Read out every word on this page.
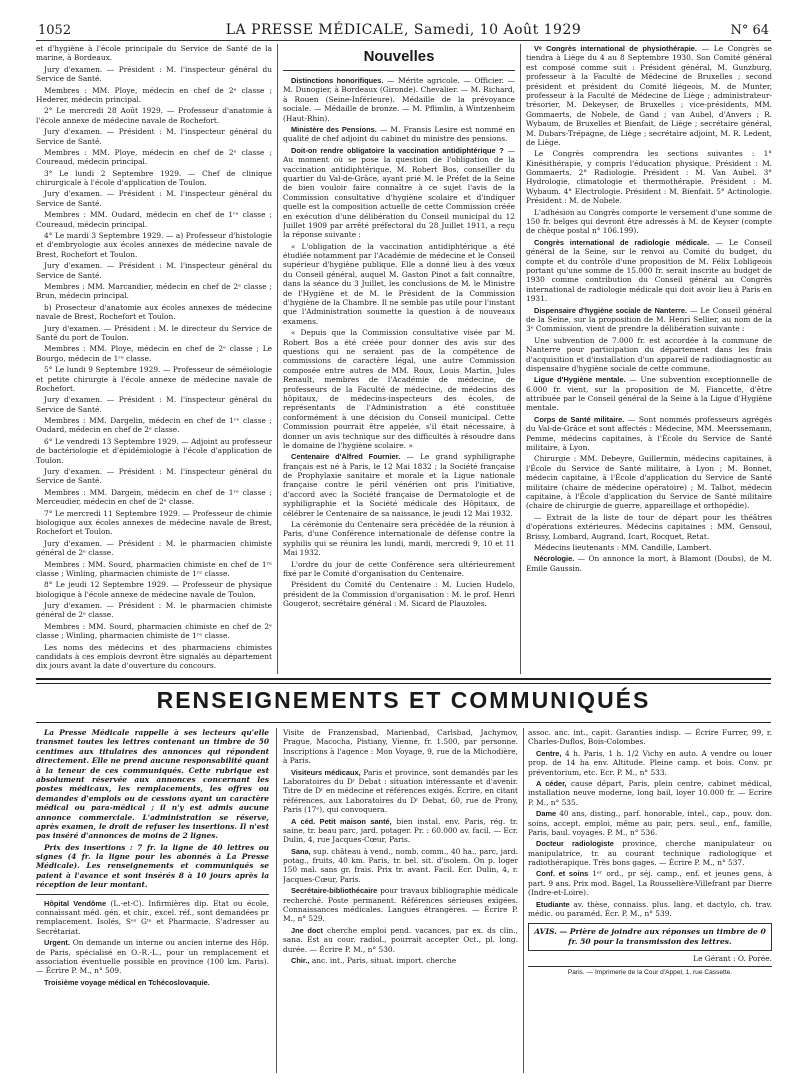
1052	LA PRESSE MÉDICALE, Samedi, 10 Août 1929	N° 64

et d'hygiène à l'école principale du Service de Santé de la marine, à Bordeaux.

Jury d'examen. — Président : M. l'inspecteur général du Service de Santé.

Membres : MM. Ploye, médecin en chef de 2ᵉ classe ; Hederer, médecin principal.

2° Le mercredi 28 Août 1929. — Professeur d'anatomie à l'école annexe de médecine navale de Rochefort.

Jury d'examen. — Président : M. l'inspecteur général du Service de Santé.

Membres : MM. Ploye, médecin en chef de 2ᵉ classe ; Coureaud, médecin principal.

3° Le lundi 2 Septembre 1929. — Chef de clinique chirurgicale à l'école d'application de Toulon.

Jury d'examen. — Président : M. l'inspecteur général du Service de Santé.

Membres : MM. Oudard, médecin en chef de 1ʳᵉ classe ; Coureaud, médecin principal.

4° Le mardi 3 Septembre 1929. — a) Professeur d'histologie et d'embryologie aux écoles annexes de médecine navale de Brest, Rochefort et Toulon.

Jury d'examen. — Président : M. l'inspecteur général du Service de Santé.

Membres : MM. Marcandier, médecin en chef de 2ᵉ classe ; Brun, médecin principal.

b) Prosecteur d'anatomie aux écoles annexes de médecine navale de Brest, Rochefort et Toulon.

Jury d'examen. — Président : M. le directeur du Service de Santé du port de Toulon.

Membres : MM. Ploye, médecin en chef de 2ᵉ classe ; Le Bourgo, médecin de 1ʳᵉ classe.

5° Le lundi 9 Septembre 1929. — Professeur de séméiologie et petite chirurgie à l'école annexe de médecine navale de Rochefort.

Jury d'examen. — Président : M. l'inspecteur général du Service de Santé.

Membres : MM. Dargelin, médecin en chef de 1ʳᵉ classe ; Oudard, médecin en chef de 2ᵉ classe.

6° Le vendredi 13 Septembre 1929. — Adjoint au professeur de bactériologie et d'épidémiologie à l'école d'application de Toulon.

Jury d'examen. — Président : M. l'inspecteur général du Service de Santé.

Membres : MM. Dargein, médecin en chef de 1ʳᵉ classe ; Merceudier, médecin en chef de 2ᵉ classe.

7° Le mercredi 11 Septembre 1929. — Professeur de chimie biologique aux écoles annexes de médecine navale de Brest, Rochefort et Toulon.

Jury d'examen. — Président : M. le pharmacien chimiste général de 2ᵉ classe.

Membres : MM. Sourd, pharmacien chimiste en chef de 1ʳᵉ classe ; Winling, pharmacien chimiste de 1ʳᵉ classe.

8° Le jeudi 12 Septembre 1929. — Professeur de physique biologique à l'école annexe de médecine navale de Toulon.

Jury d'examen. — Président : M. le pharmacien chimiste général de 2ᵉ classe.

Membres : MM. Sourd, pharmacien chimiste en chef de 2ᵉ classe ; Winling, pharmacien chimiste de 1ʳᵉ classe.

Les noms des médecins et des pharmaciens chimistes candidats à ces emplois devront être signalés au département dix jours avant la date d'ouverture du concours.

Nouvelles

Distinctions honorifiques. — Mérite agricole. — Officier. — M. Dunogier, à Bordeaux (Gironde). Chevalier. — M. Richard, à Rouen (Seine-Inférieure). Médaille de la prévoyance sociale. — Médaille de bronze. — M. Pflimlin, à Wintzenheim (Haut-Rhin).

Ministère des Pensions. — M. Fransis Lesire est nommé en qualité de chef adjoint du cabinet du ministre des pensions.

Doit-on rendre obligatoire la vaccination antidiphtérique ? — Au moment où se pose la question de l'obligation de la vaccination antidiphtérique, M. Robert Bos, conseiller du quartier du Val-de-Grâce, ayant prié M. le Préfet de la Seine de bien vouloir faire connaître à ce sujet l'avis de la Commission consultative d'hygiène scolaire et d'indiquer quelle est la composition actuelle de cette Commission créée en exécution d'une délibération du Conseil municipal du 12 Juillet 1909 par arrêté préfectoral du 28 Juillet 1911, a reçu la réponse suivante :

« L'obligation de la vaccination antidiphtérique a été étudiée notamment par l'Académie de médecine et le Conseil supérieur d'hygiène publique. Elle a donné lieu à des vœux du Conseil général, auquel M. Gaston Pinot a fait connaître, dans la séance du 3 Juillet, les conclusions de M. le Ministre de l'Hygiène et de M. le Président de la Commission d'hygiène de la Chambre. Il ne semble pas utile pour l'instant que l'Administration soumette la question à de nouveaux examens.

« Depuis que la Commission consultative visée par M. Robert Bos a été créée pour donner des avis sur des questions qui ne seraient pas de la compétence de commissions de caractère légal, une autre Commission composée entre autres de MM. Roux, Louis Martin, Jules Renault, membres de l'Académie de médecine, de professeurs de la Faculté de médecine, de médecins des hôpitaux, de médecins-inspecteurs des écoles, de représentants de l'Administration a été constituée conformément à une décision du Conseil municipal. Cette Commission pourrait être appelée, s'il était nécessaire, à donner un avis technique sur des difficultés à résoudre dans le domaine de l'hygiène scolaire. »

Centenaire d'Alfred Fournier. — Le grand syphiligraphe français est né à Paris, le 12 Mai 1832 ; la Société française de Prophylaxie sanitaire et morale et la Ligue nationale française contre le péril vénérien ont pris l'initiative, d'accord avec la Société française de Dermatologie et de syphiligraphie et la Société médicale des Hôpitaux, de célébrer le Centenaire de sa naissance, le jeudi 12 Mai 1932.

La cérémonie du Centenaire sera précédée de la réunion à Paris, d'une Conférence internationale de défense contre la syphilis qui se réunira les lundi, mardi, mercredi 9, 10 et 11 Mai 1932.

L'ordre du jour de cette Conférence sera ultérieurement fixé par le Comité d'organisation du Centenaire.

Président du Comité du Centenaire : M. Lucien Hudelo, président de la Commission d'organisation : M. le prof. Henri Gougerot, secrétaire général : M. Sicard de Plauzoles.

Vᵉ Congrès international de physiothérapie. — Le Congrès se tiendra à Liège du 4 au 8 Septembre 1930. Son Comité général est composé comme suit : Président général, M. Gunzburg, professeur à la Faculté de Médecine de Bruxelles ; second président et président du Comité liégeois, M. de Munter, professeur à la Faculté de Médecine de Liège ; administrateur-trésorier, M. Dekeyser, de Bruxelles ; vice-présidents, MM. Gommaerts, de Nobele, de Gand ; van Aubel, d'Anvers ; R. Wybaum, de Bruxelles et Bienfait, de Liège ; secrétaire général, M. Dubars-Trépagne, de Liège ; secrétaire adjoint, M. R. Ledent, de Liège.

Le Congrès comprendra les sections suivantes : 1° Kinésithérapie, y compris l'éducation physique. Président : M. Gommaerts. 2° Radiologie. Président : M. Van Aubel. 3° Hydrologie, climatologie et thermothérapie. Président : M. Wybaum. 4° Electrologie. Président : M. Bienfait. 5° Actinologie. Président : M. de Nobele.

L'adhésion au Congrès comporte le versement d'une somme de 150 fr. belges qui devront être adressés à M. de Keyser (compte de chèque postal n° 106.199).

Congrès international de radiologie médicale. — Le Conseil général de la Seine, sur le renvoi au Comité du budget, du compte et du contrôle d'une proposition de M. Félix Lobligeois portant qu'une somme de 15.000 fr. serait inscrite au budget de 1930 comme contribution du Conseil général au Congrès international de radiologie médicale qui doit avoir lieu à Paris en 1931.

Dispensaire d'hygiène sociale de Nanterre. — Le Conseil général de la Seine, sur la proposition de M. Henri Sellier, au nom de la 3ᵉ Commission, vient de prendre la délibération suivante :

Une subvention de 7.000 fr. est accordée à la commune de Nanterre pour participation du département dans les frais d'acquisition et d'installation d'un appareil de radiodiagnostic au dispensaire d'hygiène sociale de cette commune.

Ligue d'Hygiène mentale. — Une subvention exceptionnelle de 6.000 fr. vient, sur la proposition de M. Fiancette, d'être attribuée par le Conseil général de la Seine à la Ligue d'Hygiène mentale.

Corps de Santé militaire. — Sont nommés professeurs agrégés du Val-de-Grâce et sont affectés : Médecine, MM. Meerssemann, Pemme, médecins capitaines, à l'École du Service de Santé militaire, à Lyon.

Chirurgie : MM. Debeyre, Guillermin, médecins capitaines, à l'École du Service de Santé militaire, à Lyon ; M. Bonnet, médecin capitaine, à l'École d'application du Service de Santé militaire (chaire de médecine opératoire) ; M. Talbot, médecin capitaine, à l'École d'application du Service de Santé militaire (chaire de chirurgie de guerre, appareillage et orthopédie).

— Extrait de la liste de tour de départ pour les théâtres d'opérations extérieures. Médecins capitaines : MM. Gensoul, Brissy, Lombard, Augrand, Icart, Rocquet, Retat.

Médecins lieutenants : MM. Candille, Lambert.

Nécrologie. — On annonce la mort, à Blamont (Doubs), de M. Emile Gaussin.

RENSEIGNEMENTS ET COMMUNIQUÉS

La Presse Médicale rappelle à ses lecteurs qu'elle transmet toutes les lettres contenant un timbre de 50 centimes aux titulaires des annonces qui répondent directement. Elle ne prend aucune responsabilité quant à la teneur de ces communiqués. Cette rubrique est absolument réservée aux annonces concernant les postes médicaux, les remplacements, les offres ou demandes d'emplois ou de cessions ayant un caractère médical ou para-médical ; il n'y est admis aucune annonce commerciale. L'administration se réserve, après examen, le droit de refuser les insertions. Il n'est pas inséré d'annonces de moins de 2 lignes.

Prix des insertions : 7 fr. la ligne de 40 lettres ou signes (4 fr. la ligne pour les abonnés à La Presse Médicale). Les renseignements et communiqués se paient à l'avance et sont insérés 8 à 10 jours après la réception de leur montant.

Hôpital Vendôme (L.-et-C). Infirmières dip. Etat ou école, connaissant méd. gén. et chir., excel. réf., sont demandées pr remplacement. Isolés, Sᵉˢ Gᵗᵉ et Pharmacie. S'adresser au Secrétariat.

Urgent. On demande un interne ou ancien interne des Hôp. de Paris, spécialisé en O.-R.-L., pour un remplacement et association éventuelle possible en province (100 km. Paris). — Écrire P. M., n° 509.

Troisième voyage médical en Tchécoslovaquie.

Visite de Franzensbad, Marienbad, Carlsbad, Jachymov, Prague, Macocha, Pistiany, Vienne, fr. 1.500, par personne. Inscriptions à l'agence : Mon Voyage, 9, rue de la Michodière, à Paris.

Visiteurs médicaux, Paris et province, sont demandés par les Laboratoires du Dʳ Debat : situation intéressante et d'avenir. Titre de Dʳ en médecine et références exigés. Écrire, en citant références, aux Laboratoires du Dʳ Debat, 60, rue de Prony, Paris (17ᵉ), qui convoquera.

A céd. Petit maison santé, bien instal. env. Paris, rég. tr. saine, tr. beau parc, jard. potager. Pr. : 60.000 av. facil. — Ecr. Dulin, 4, rue Jacques-Cœur, Paris.

Sana, sup. château à vend., nomb. comm., 40 ha., parc, jard. potag., fruits, 40 km. Paris, tr. bel. sit. d'isolem. On p. loger 150 mal. sans gr. frais. Prix tr. avant. Facil. Ecr. Dulin, 4, r. Jacques-Cœur, Paris.

Secrétaire-bibliothécaire pour travaux bibliographie médicale recherché. Poste permanent. Références sérieuses exigées. Connaissances médicales. Langues étrangères. — Écrire P. M., n° 529.

Jne doct cherche emploi pend. vacances, par ex. ds clin., sana. Est au cour. radiol., pourrait accepter Oct., pl. long. durée. — Écrire P. M., n° 530.

Chir., anc. int., Paris, situat. import. cherche

assoc. anc. int., capit. Garanties indisp. — Écrire Furrer, 99, r. Charles-Duflos, Bois-Colombes.

Centre, 4 h. Paris, 1 h. 1/2 Vichy en auto. A vendre ou louer prop. de 14 ha env. Altitude. Pleine camp. et bois. Conv. pr préventorium, etc. Ecr. P. M., n° 533.

A céder, cause départ, Paris, plein centre, cabinet médical, installation neuve moderne, long bail, loyer 10.000 fr. — Ecrire P. M., n° 535.

Dame 40 ans, disting., parf. honorable, intel., cap., pouv. don. soins, accept. emploi, même au pair, pers. seul., enf., famille, Paris, baul. voyages. P. M., n° 536.

Docteur radiologiste province, cherche manipulateur ou manipulatrice, tr. au courant technique radiologique et radiothérapique. Très bons gages. — Écrire P. M., n° 537.

Conf. et soins 1ᵉʳ ord., pr séj. camp., enf. et jeunes gens, à part. 9 ans. Prix mod. Bagel, La Rousselière-Villefrant par Dierre (Indre-et-Loire).

Etudiante av. thèse, connaiss. plus. lang. et dactylo, ch. trav. médic. ou paraméd. Écr. P. M., n° 539.

AVIS. — Prière de joindre aux réponses un timbre de 0 fr. 50 pour la transmission des lettres.
Le Gérant : O. Porée.
Paris. — Imprimerie de la Cour d'Appel, 1, rue Cassette.
